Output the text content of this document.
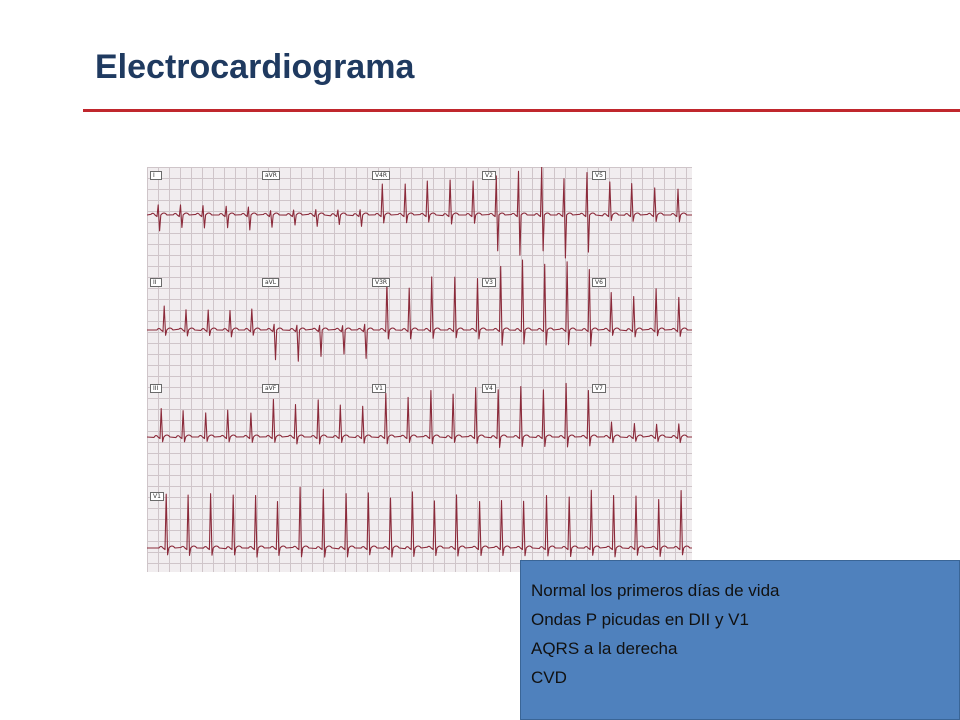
Electrocardiograma
I	aVR	V4R	V2	V5
II	aVL	V3R	V3	V6
III	aVF	V1	V4	V7
V1
Normal los primeros días de vida
Ondas P picudas en DII y V1
AQRS a la derecha
CVD
